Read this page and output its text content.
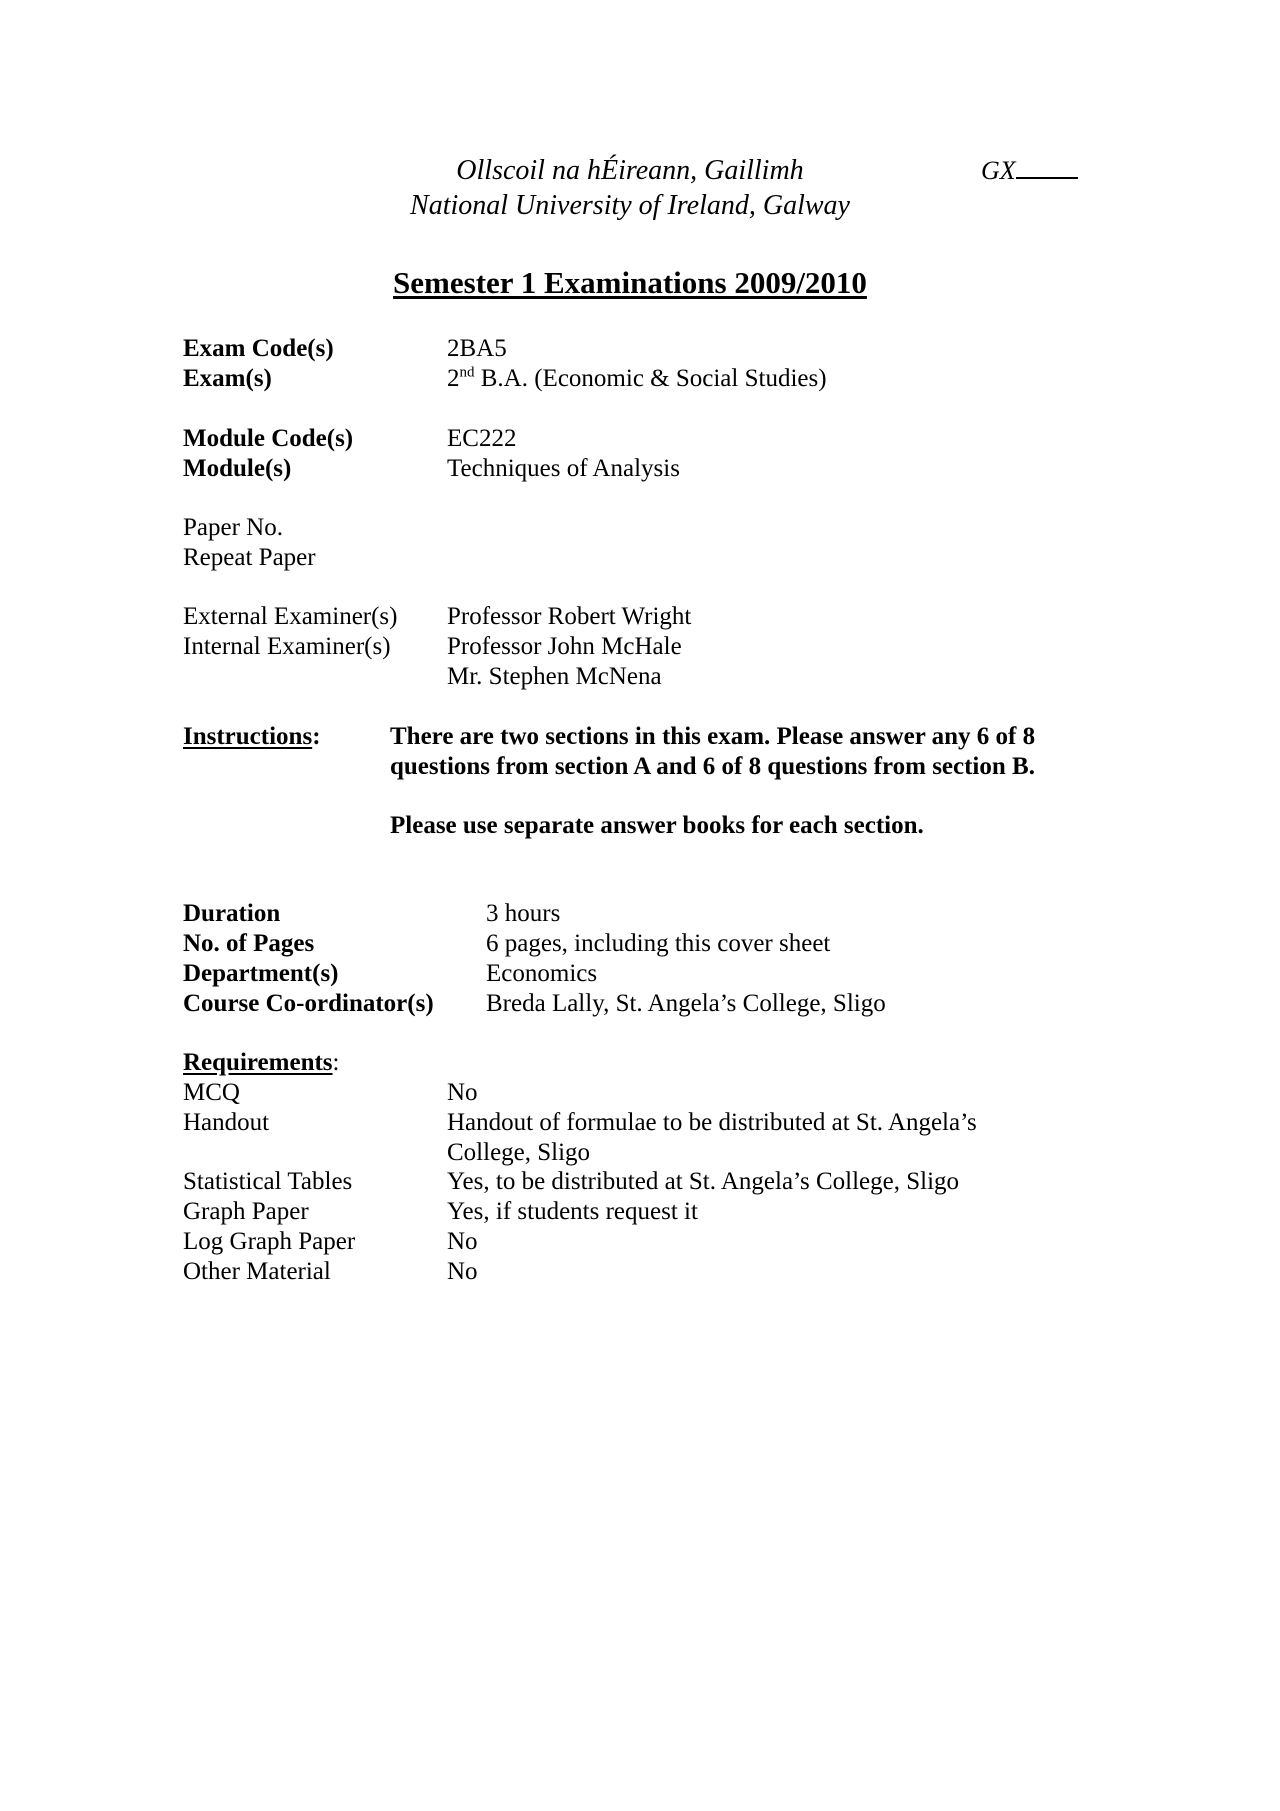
Ollscoil na hÉireann, Gaillimh
National University of Ireland, Galway
GX
Semester 1 Examinations 2009/2010
Exam Code(s)	2BA5
Exam(s)	2nd B.A. (Economic & Social Studies)
Module Code(s)	EC222
Module(s)	Techniques of Analysis
Paper No.
Repeat Paper
External Examiner(s) Professor Robert Wright
Internal Examiner(s) Professor John McHale
Mr. Stephen McNena
Instructions:	There are two sections in this exam. Please answer any 6 of 8
questions from section A and 6 of 8 questions from section B.
Please use separate answer books for each section.
Duration	3 hours
No. of Pages	6 pages, including this cover sheet
Department(s)	Economics
Course Co-ordinator(s) Breda Lally, St. Angela’s College, Sligo
Requirements:
MCQ	No
Handout	Handout of formulae to be distributed at St. Angela’s
College, Sligo
Statistical Tables	Yes, to be distributed at St. Angela’s College, Sligo
Graph Paper	Yes, if students request it
Log Graph Paper	No
Other Material	No
